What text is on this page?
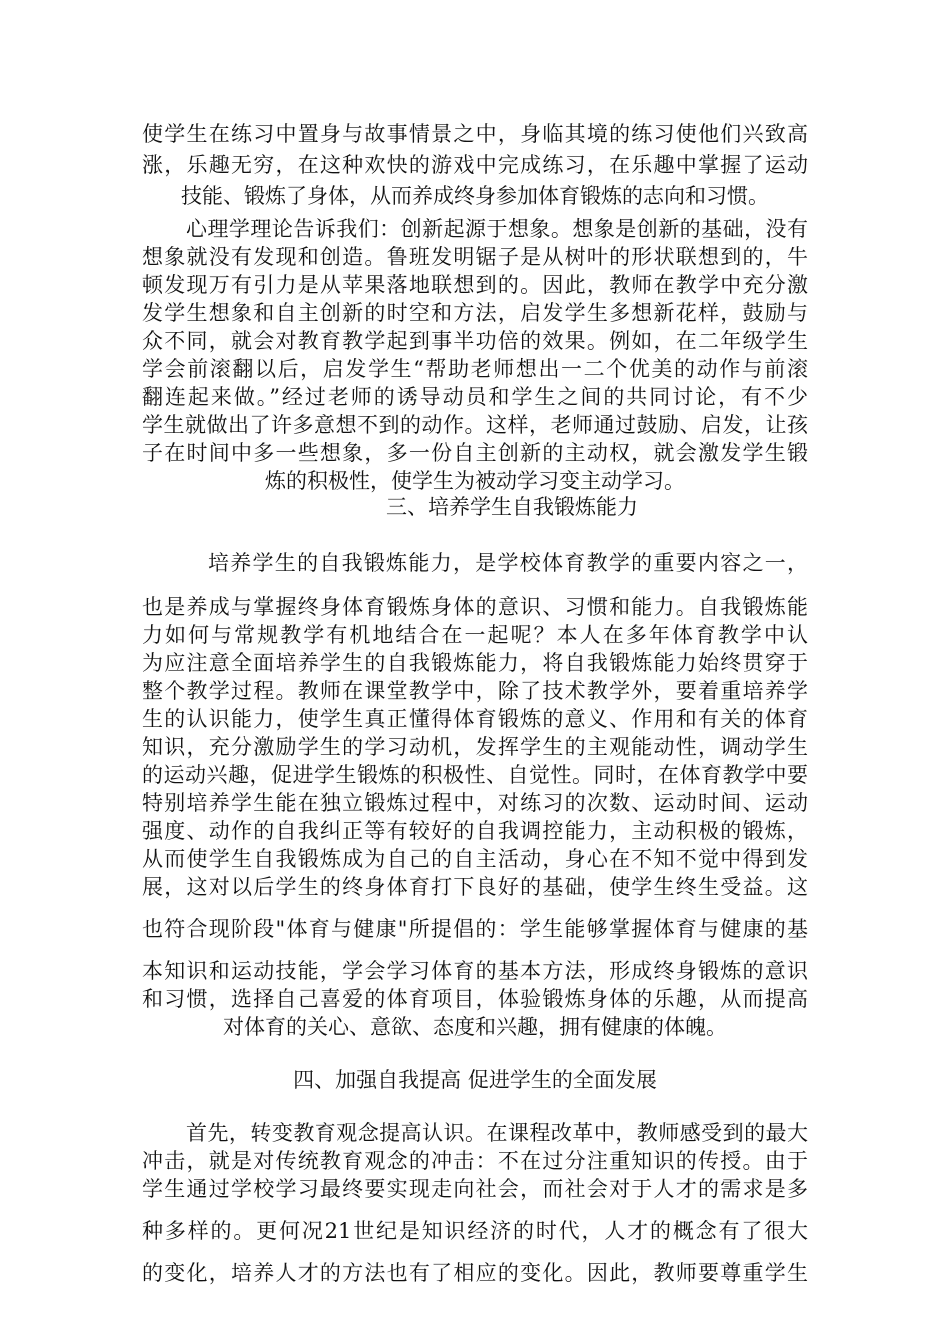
使学生在练习中置身与故事情景之中，身临其境的练习使他们兴致高
涨，乐趣无穷，在这种欢快的游戏中完成练习，在乐趣中掌握了运动
技能、锻炼了身体，从而养成终身参加体育锻炼的志向和习惯。
心理学理论告诉我们：创新起源于想象。想象是创新的基础，没有
想象就没有发现和创造。鲁班发明锯子是从树叶的形状联想到的，牛
顿发现万有引力是从苹果落地联想到的。因此，教师在教学中充分激
发学生想象和自主创新的时空和方法，启发学生多想新花样，鼓励与
众不同，就会对教育教学起到事半功倍的效果。例如，在二年级学生
学会前滚翻以后，启发学生“帮助老师想出一二个优美的动作与前滚
翻连起来做。”经过老师的诱导动员和学生之间的共同讨论，有不少
学生就做出了许多意想不到的动作。这样，老师通过鼓励、启发，让孩
子在时间中多一些想象，多一份自主创新的主动权，就会激发学生锻
炼的积极性，使学生为被动学习变主动学习。
三、培养学生自我锻炼能力
培养学生的自我锻炼能力，是学校体育教学的重要内容之一，
也是养成与掌握终身体育锻炼身体的意识、习惯和能力。自我锻炼能
力如何与常规教学有机地结合在一起呢？本人在多年体育教学中认
为应注意全面培养学生的自我锻炼能力，将自我锻炼能力始终贯穿于
整个教学过程。教师在课堂教学中，除了技术教学外，要着重培养学
生的认识能力，使学生真正懂得体育锻炼的意义、作用和有关的体育
知识，充分激励学生的学习动机，发挥学生的主观能动性，调动学生
的运动兴趣，促进学生锻炼的积极性、自觉性。同时，在体育教学中要
特别培养学生能在独立锻炼过程中，对练习的次数、运动时间、运动
强度、动作的自我纠正等有较好的自我调控能力，主动积极的锻炼，
从而使学生自我锻炼成为自己的自主活动，身心在不知不觉中得到发
展，这对以后学生的终身体育打下良好的基础，使学生终生受益。这
也符合现阶段"体育与健康"所提倡的：学生能够掌握体育与健康的基
本知识和运动技能，学会学习体育的基本方法，形成终身锻炼的意识
和习惯，选择自己喜爱的体育项目，体验锻炼身体的乐趣，从而提高
对体育的关心、意欲、态度和兴趣，拥有健康的体魄。
四、加强自我提高 促进学生的全面发展
首先，转变教育观念提高认识。在课程改革中，教师感受到的最大
冲击，就是对传统教育观念的冲击：不在过分注重知识的传授。由于
学生通过学校学习最终要实现走向社会，而社会对于人才的需求是多
种多样的。更何况21世纪是知识经济的时代，人才的概念有了很大
的变化，培养人才的方法也有了相应的变化。因此，教师要尊重学生
